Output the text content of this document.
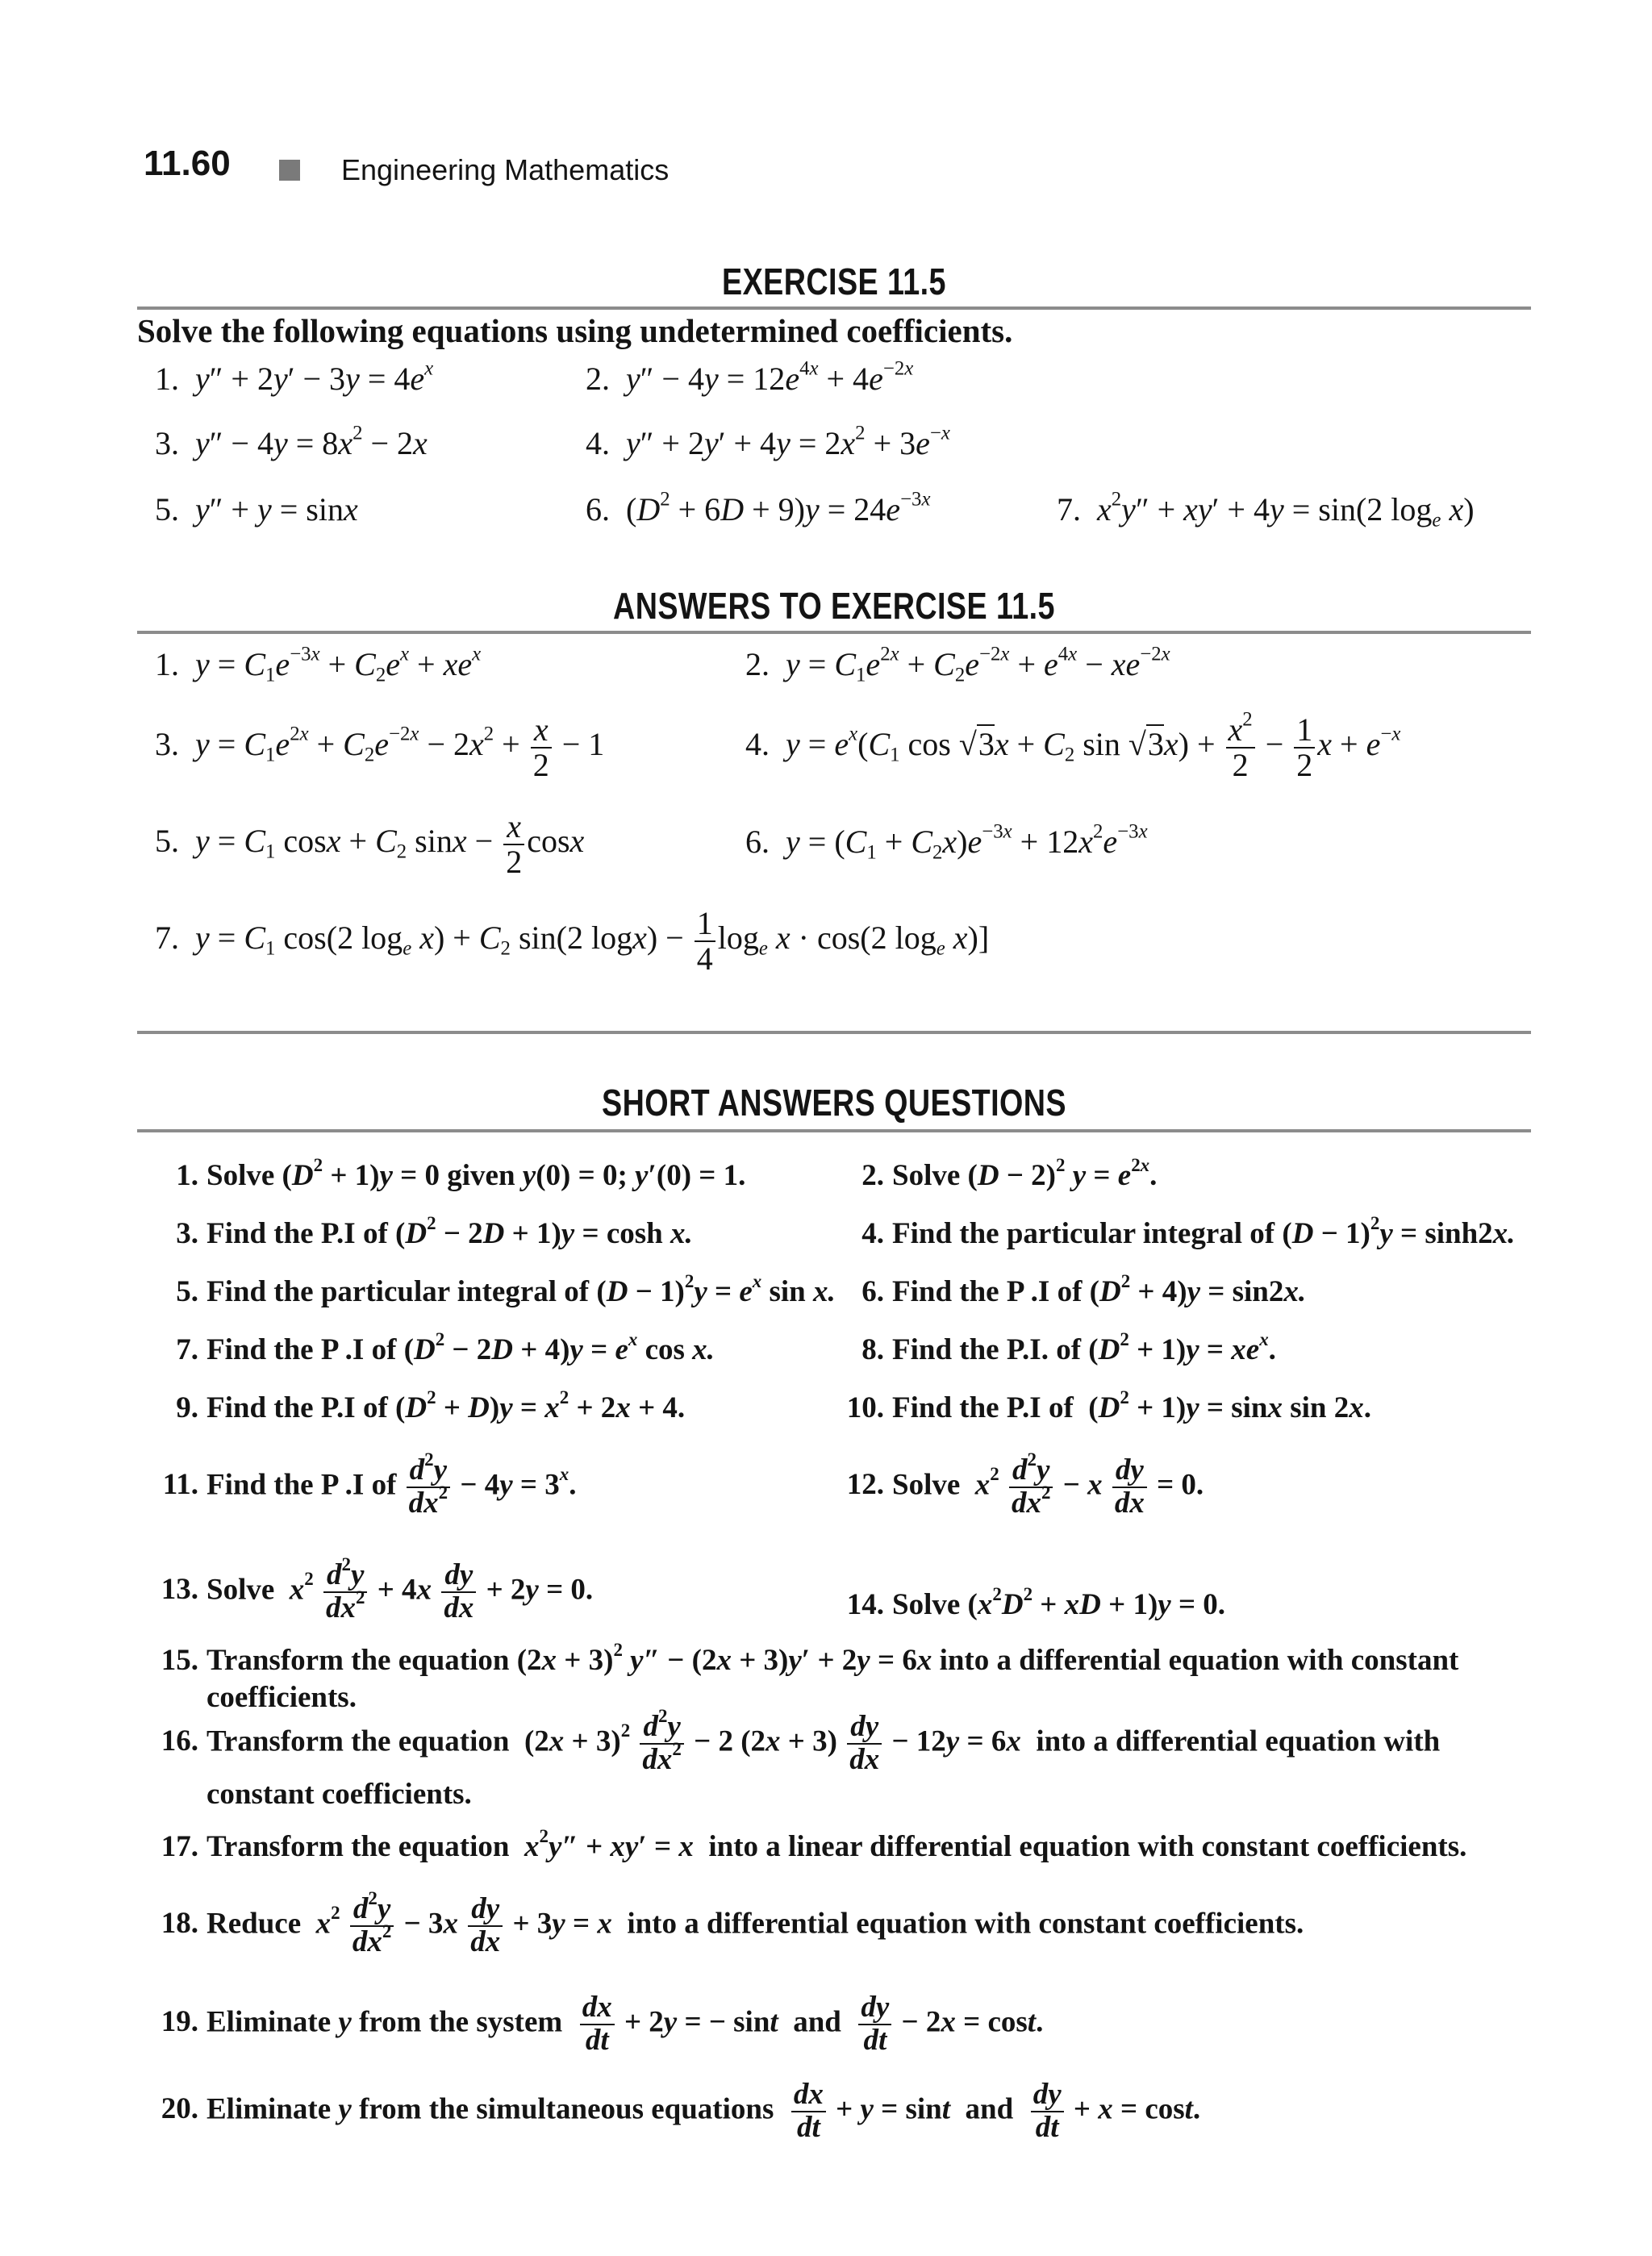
11.60	Engineering Mathematics
EXERCISE 11.5
Solve the following equations using undetermined coefficients.
1.  $y'' + 2y' - 3y = 4e^x$	2.  $y'' - 4y = 12e^{4x} + 4e^{-2x}$
3.  $y'' - 4y = 8x^2 - 2x$	4.  $y'' + 2y' + 4y = 2x^2 + 3e^{-x}$
5.  y″ + y = sinx	6.  $(D^2 + 6D + 9)y = 24e^{-3x}$	7.  $x^2y'' + xy' + 4y = \sin(2$ $\log_e x$)
ANSWERS TO EXERCISE 11.5
1.  $y = C_1e^{-3x} + C_2e^x + xe^x$	2.  $y = C_1e^{2x} + C_2e^{-2x} + e^{4x} - xe^{-2x}$
3.  $y = C_1e^{2x} + C_2e^{-2x} - 2x^2 + \frac{x}{2} - 1$	4.  $y = e^x(C_1$ $\cos √3x + C_2$ $\sin √3x) + \frac{x^2}{2} - \frac{1}{2}$ $x + e^{-x}$
5.  $y = C_1$ $\cos x + C_2$ $\sin x - \frac{x}{2}$ cosx	6.  $y = (C_1 + C_2x)e^{-3x} + 12x^2e^{-3x}$
7.  $y = C_1$ cos(2 $\log_e x) + C_2$ sin(2 $\log x) - \frac{1}{4} \log_e x \cdot \cos(2$ $\log_e x$)]
SHORT ANSWERS QUESTIONS
1. Solve $(D^2 + 1)y = 0$ given y(0) = 0; y′(0) = 1.	2. Solve $(D - 2)^2$ $y = e^{2x}$.
3. Find the P.I of $(D^2 - 2D + 1)y = \cosh x$.	4. Find the particular integral of $(D - 1)^2y = \sinh 2x$.
5. Find the particular integral of $(D - 1)^2y = e^x$ sin x. 6. Find the P .I of $(D^2 + 4)y = \sin 2x$.
7. Find the P .I of $(D^2 - 2D + 4)y = e^x$ cos x.	8. Find the P.I. of $(D^2 + 1)y = xe^x$.
9. Find the P.I of $(D^2 + D)y = x^2 + 2x + 4$.	10. Find the P.I of  $(D^2 + 1)y = \sin x$ sin 2x.
11. Find the P .I of $\frac{d^2y}{dx^2} - 4y = 3^x$.	12. Solve  $x^2 \frac{d^2y}{dx^2} - x \frac{dy}{dx} = 0$.
13. Solve  $x^2 \frac{d^2y}{dx^2} + 4x \frac{dy}{dx} + 2y = 0$.	14. Solve ($x^2D^2$ + xD + 1)y = 0.
15. Transform the equation $(2x + 3)^2$ y″ − (2x + 3)y′ + 2y = 6x into a differential equation with constant
coefficients.
16. Transform the equation  $(2x + 3)^2 \frac{d^2y}{dx^2} - 2$ $(2x + 3) \frac{dy}{dx} - 12y = 6x$  into a differential equation with
constant coefficients.
17. Transform the equation  $x^2y'' + xy' = x$  into a linear differential equation with constant coefficients.
18. Reduce  $x^2 \frac{d^2y}{dx^2} - 3x \frac{dy}{dx} + 3y = x$  into a differential equation with constant coefficients.
19. Eliminate y from the system $\frac{dx}{dt} + 2y$ = − sint  and $\frac{dy}{dt} - 2x = \cos t$.
20. Eliminate y from the simultaneous equations $\frac{dx}{dt} + y = \sin t$  and $\frac{dy}{dt} + x = \cos t$.
